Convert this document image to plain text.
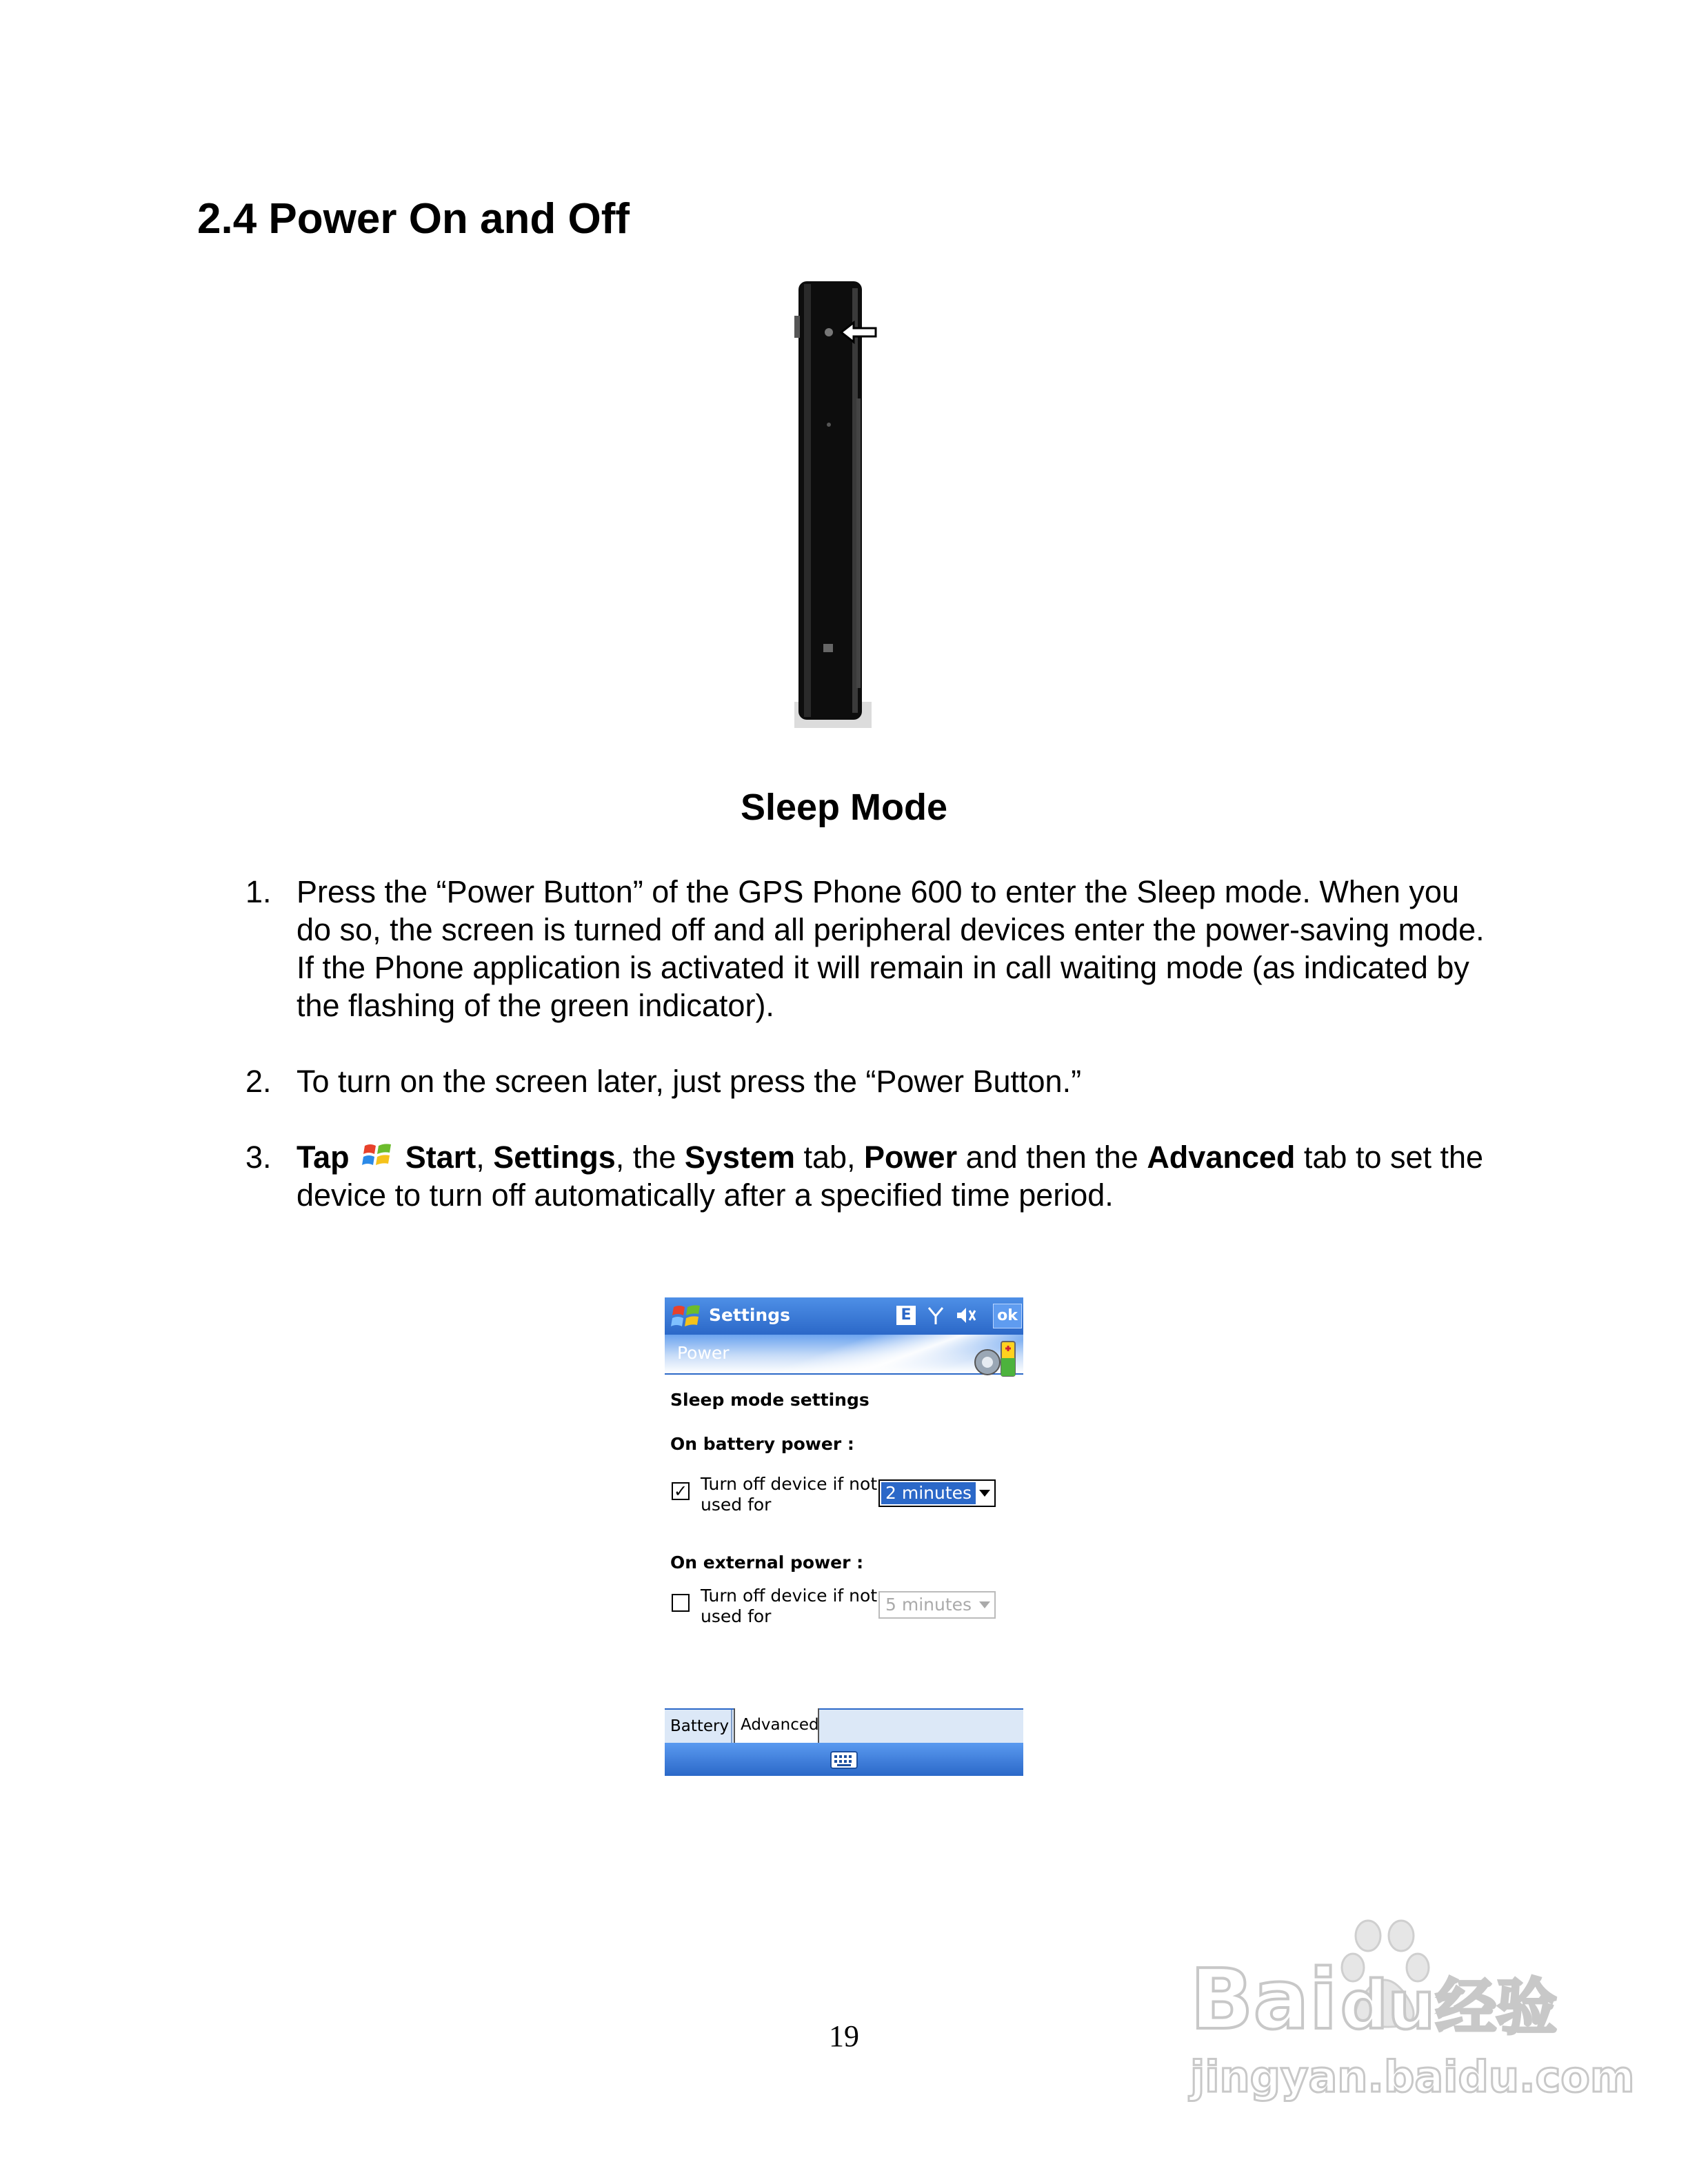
2.4 Power On and Off
Sleep Mode
1. Press the “Power Button” of the GPS Phone 600 to enter the Sleep mode. When you do so, the screen is turned off and all peripheral devices enter the power-saving mode. If the Phone application is activated it will remain in call waiting mode (as indicated by the flashing of the green indicator).
2. To turn on the screen later, just press the “Power Button.”
3. Tap Start, Settings, the System tab, Power and then the Advanced tab to set the device to turn off automatically after a specified time period.
Settings	E	ok
Power
Sleep mode settings
On battery power :
✓ Turn off device if not
used for
2 minutes
On external power :
Turn off device if not
used for
5 minutes
Battery Advanced
19	Bai du 经验
jingyan.baidu.com
